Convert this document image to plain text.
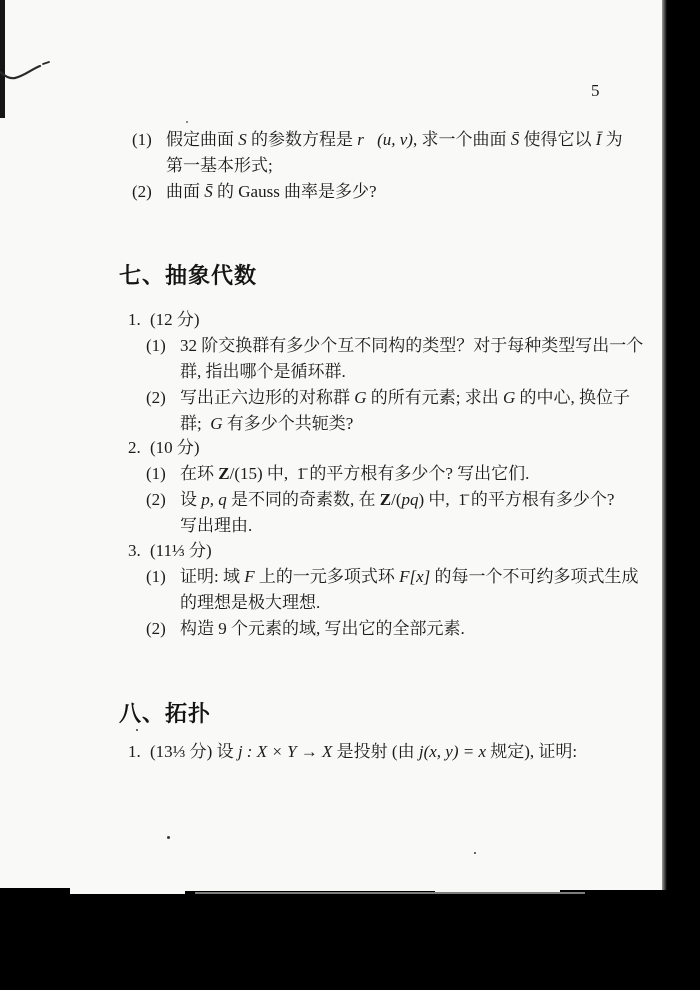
5
(1) 假定曲面 S 的参数方程是 r⃗(u, v), 求一个曲面 S̄ 使得它以 Ī 为
第一基本形式;
(2) 曲面 S̄ 的 Gauss 曲率是多少?
七、抽象代数
1. (12 分)
(1) 32 阶交换群有多少个互不同构的类型？对于每种类型写出一个
群, 指出哪个是循环群.
(2) 写出正六边形的对称群 G 的所有元素; 求出 G 的中心, 换位子
群;  G 有多少个共轭类?
2. (10 分)
(1) 在环 Z/(15) 中,  1̄ 的平方根有多少个? 写出它们.
(2) 设 p, q 是不同的奇素数, 在 Z/(pq) 中,  1̄ 的平方根有多少个?
写出理由.
3. (11⅓ 分)
(1) 证明: 域 F 上的一元多项式环 F[x] 的每一个不可约多项式生成
的理想是极大理想.
(2) 构造 9 个元素的域, 写出它的全部元素.
八、拓扑
1. (13⅓ 分) 设 j : X × Y → X 是投射 (由 j(x, y) = x 规定), 证明:
